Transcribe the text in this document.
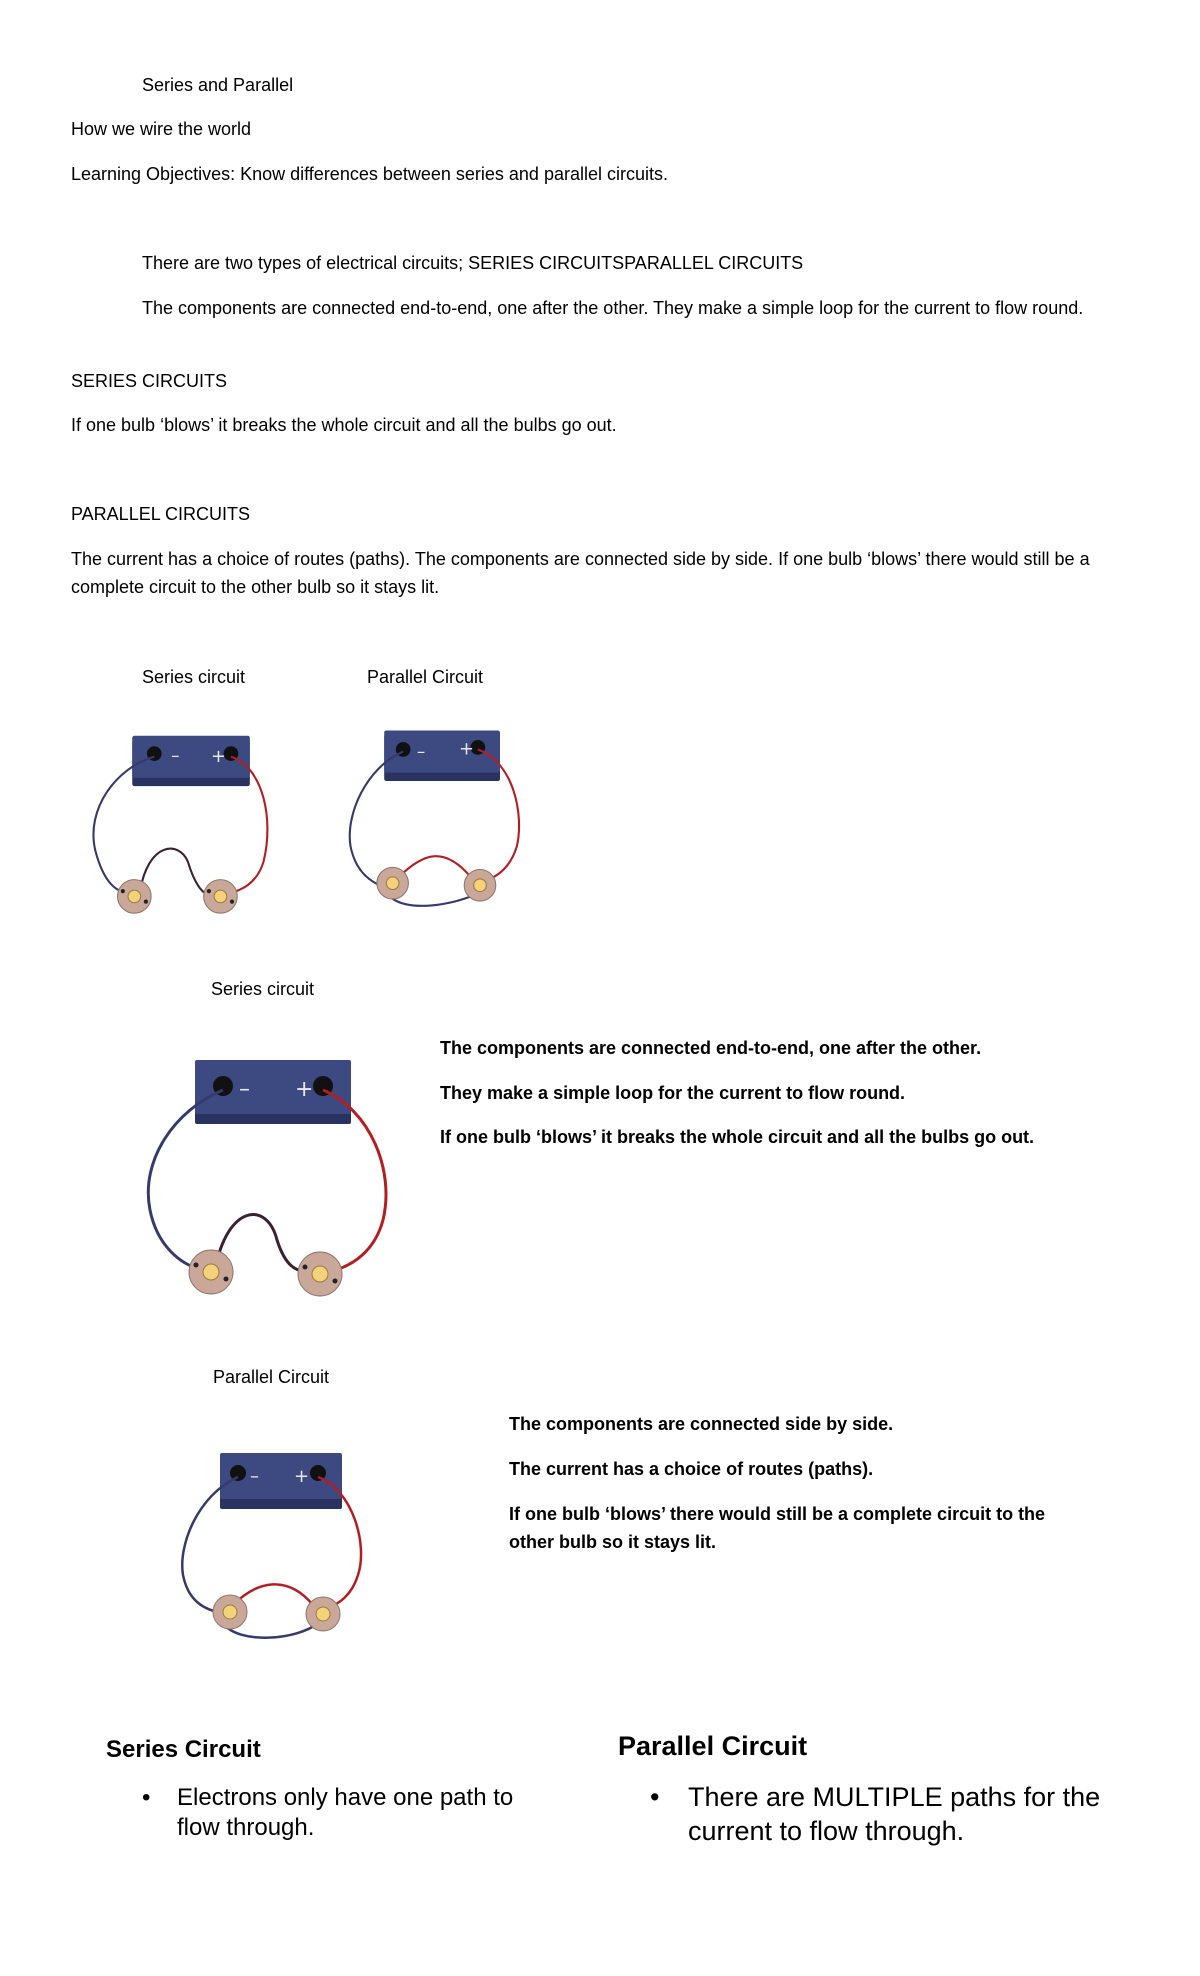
Series and Parallel

How we wire the world

Learning Objectives: Know differences between series and parallel circuits.

There are two types of electrical circuits; SERIES CIRCUITSPARALLEL CIRCUITS

The components are connected end-to-end, one after the other. They make a simple loop for the current to flow round.

SERIES CIRCUITS

If one bulb ‘blows’ it breaks the whole circuit and all the bulbs go out.

PARALLEL CIRCUITS

The current has a choice of routes (paths). The components are connected side by side. If one bulb ‘blows’ there would still be a complete circuit to the other bulb so it stays lit.

Series circuit	Parallel Circuit

– +	– +

Series circuit

– +

The components are connected end-to-end, one after the other.

They make a simple loop for the current to flow round.

If one bulb ‘blows’ it breaks the whole circuit and all the bulbs go out.

Parallel Circuit

– +

The components are connected side by side.

The current has a choice of routes (paths).

If one bulb ‘blows’ there would still be a complete circuit to the other bulb so it stays lit.

Series Circuit
• Electrons only have one path to flow through.
Parallel Circuit
• There are MULTIPLE paths for the current to flow through.
